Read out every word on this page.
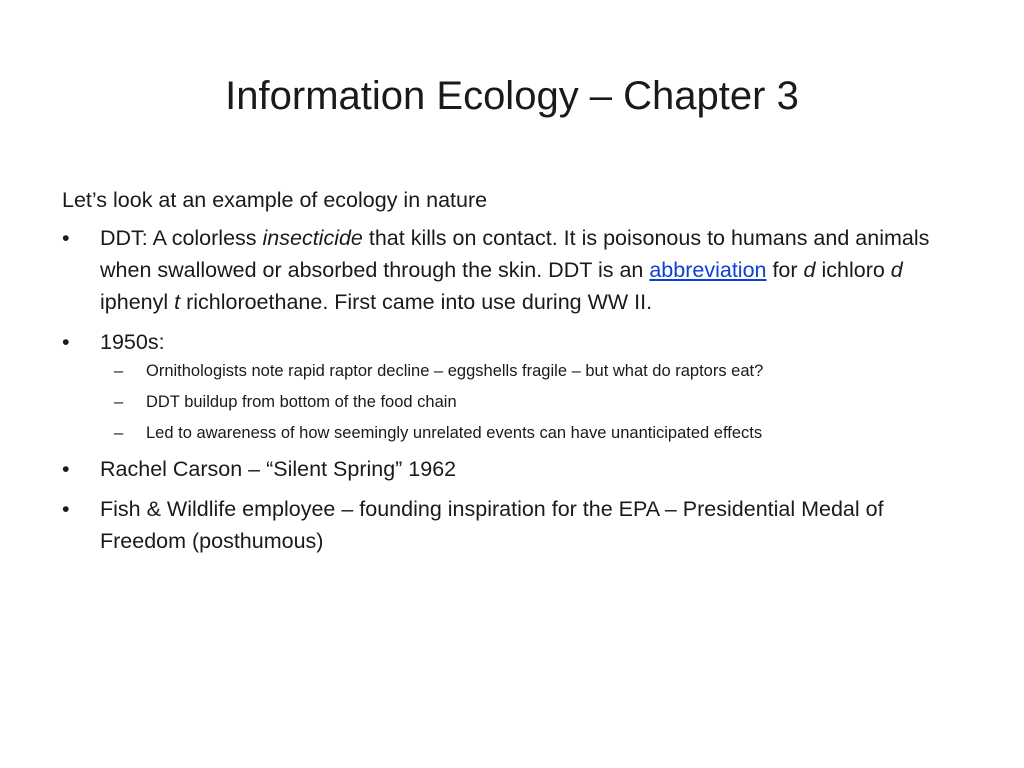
Information Ecology – Chapter 3

Let’s look at an example of ecology in nature

•	DDT: A colorless insecticide that kills on contact. It is poisonous to humans and animals when swallowed or absorbed through the skin. DDT is an abbreviation for d ichloro d iphenyl t richloroethane. First came into use during WW II.
•	1950s:
– Ornithologists note rapid raptor decline – eggshells fragile – but what do raptors eat?
– DDT buildup from bottom of the food chain
– Led to awareness of how seemingly unrelated events can have unanticipated effects
•	Rachel Carson – “Silent Spring” 1962
•	Fish & Wildlife employee – founding inspiration for the EPA – Presidential Medal of Freedom (posthumous)
